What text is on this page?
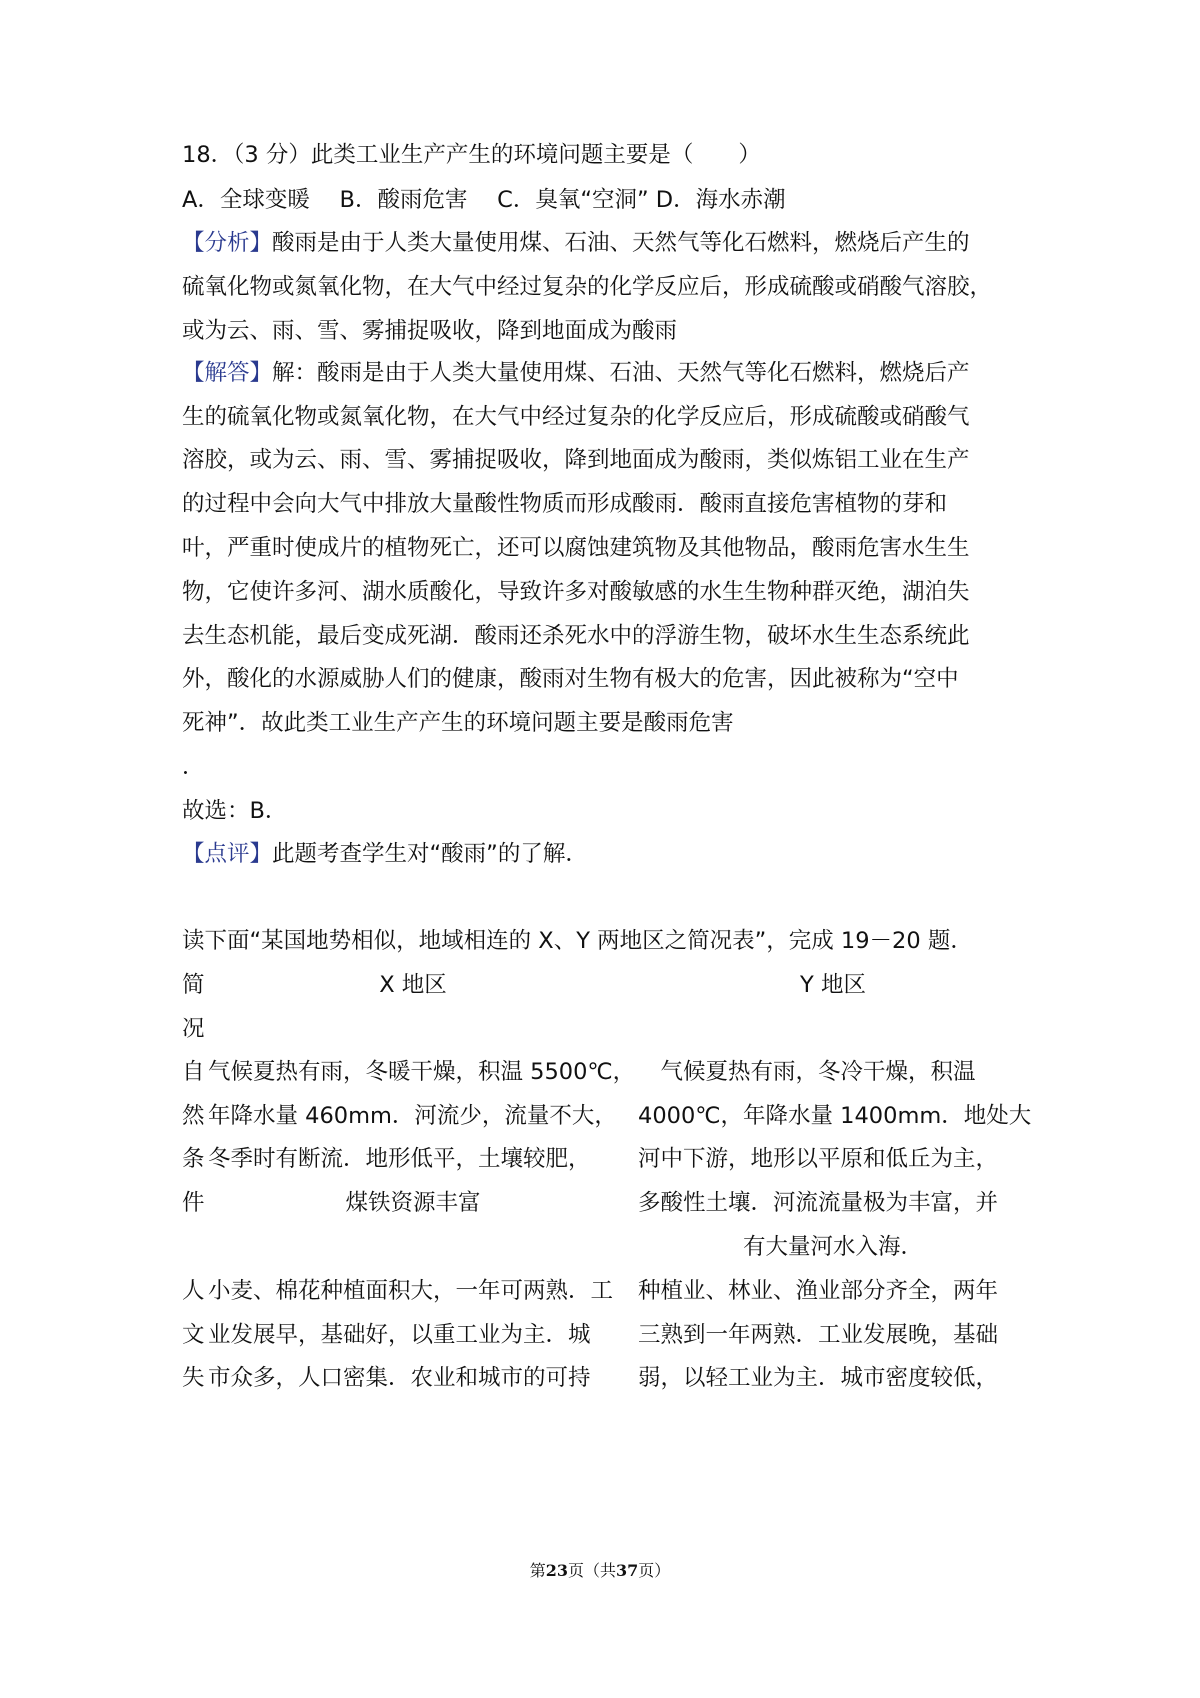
18．（3 分）此类工业生产产生的环境问题主要是（　　）
A．全球变暖　 B．酸雨危害　 C．臭氧“空洞” D．海水赤潮
【分析】酸雨是由于人类大量使用煤、石油、天然气等化石燃料，燃烧后产生的
硫氧化物或氮氧化物，在大气中经过复杂的化学反应后，形成硫酸或硝酸气溶胶，
或为云、雨、雪、雾捕捉吸收，降到地面成为酸雨
【解答】解：酸雨是由于人类大量使用煤、石油、天然气等化石燃料，燃烧后产
生的硫氧化物或氮氧化物，在大气中经过复杂的化学反应后，形成硫酸或硝酸气
溶胶，或为云、雨、雪、雾捕捉吸收，降到地面成为酸雨，类似炼铝工业在生产
的过程中会向大气中排放大量酸性物质而形成酸雨．酸雨直接危害植物的芽和
叶，严重时使成片的植物死亡，还可以腐蚀建筑物及其他物品，酸雨危害水生生
物，它使许多河、湖水质酸化，导致许多对酸敏感的水生生物种群灭绝，湖泊失
去生态机能，最后变成死湖．酸雨还杀死水中的浮游生物，破坏水生生态系统此
外，酸化的水源威胁人们的健康，酸雨对生物有极大的危害，因此被称为“空中
死神”．故此类工业生产产生的环境问题主要是酸雨危害
．
故选：B．
【点评】此题考查学生对“酸雨”的了解．
读下面“某国地势相似，地域相连的 X、Y 两地区之简况表”，完成 19－20 题．
简
况
X 地区	Y 地区
自
然
条
件
气候夏热有雨，冬暖干燥，积温 5500℃，
年降水量 460mm．河流少，流量不大，
冬季时有断流．地形低平，土壤较肥，
煤铁资源丰富
　气候夏热有雨，冬冷干燥，积温
4000℃，年降水量 1400mm．地处大
河中下游，地形以平原和低丘为主，
多酸性土壤．河流流量极为丰富，并
有大量河水入海．
人
文
失
小麦、棉花种植面积大，一年可两熟．工
业发展早，基础好，以重工业为主．城
市众多，人口密集．农业和城市的可持
种植业、林业、渔业部分齐全，两年
三熟到一年两熟．工业发展晚，基础
弱，以轻工业为主．城市密度较低，
第23页（共37页）
